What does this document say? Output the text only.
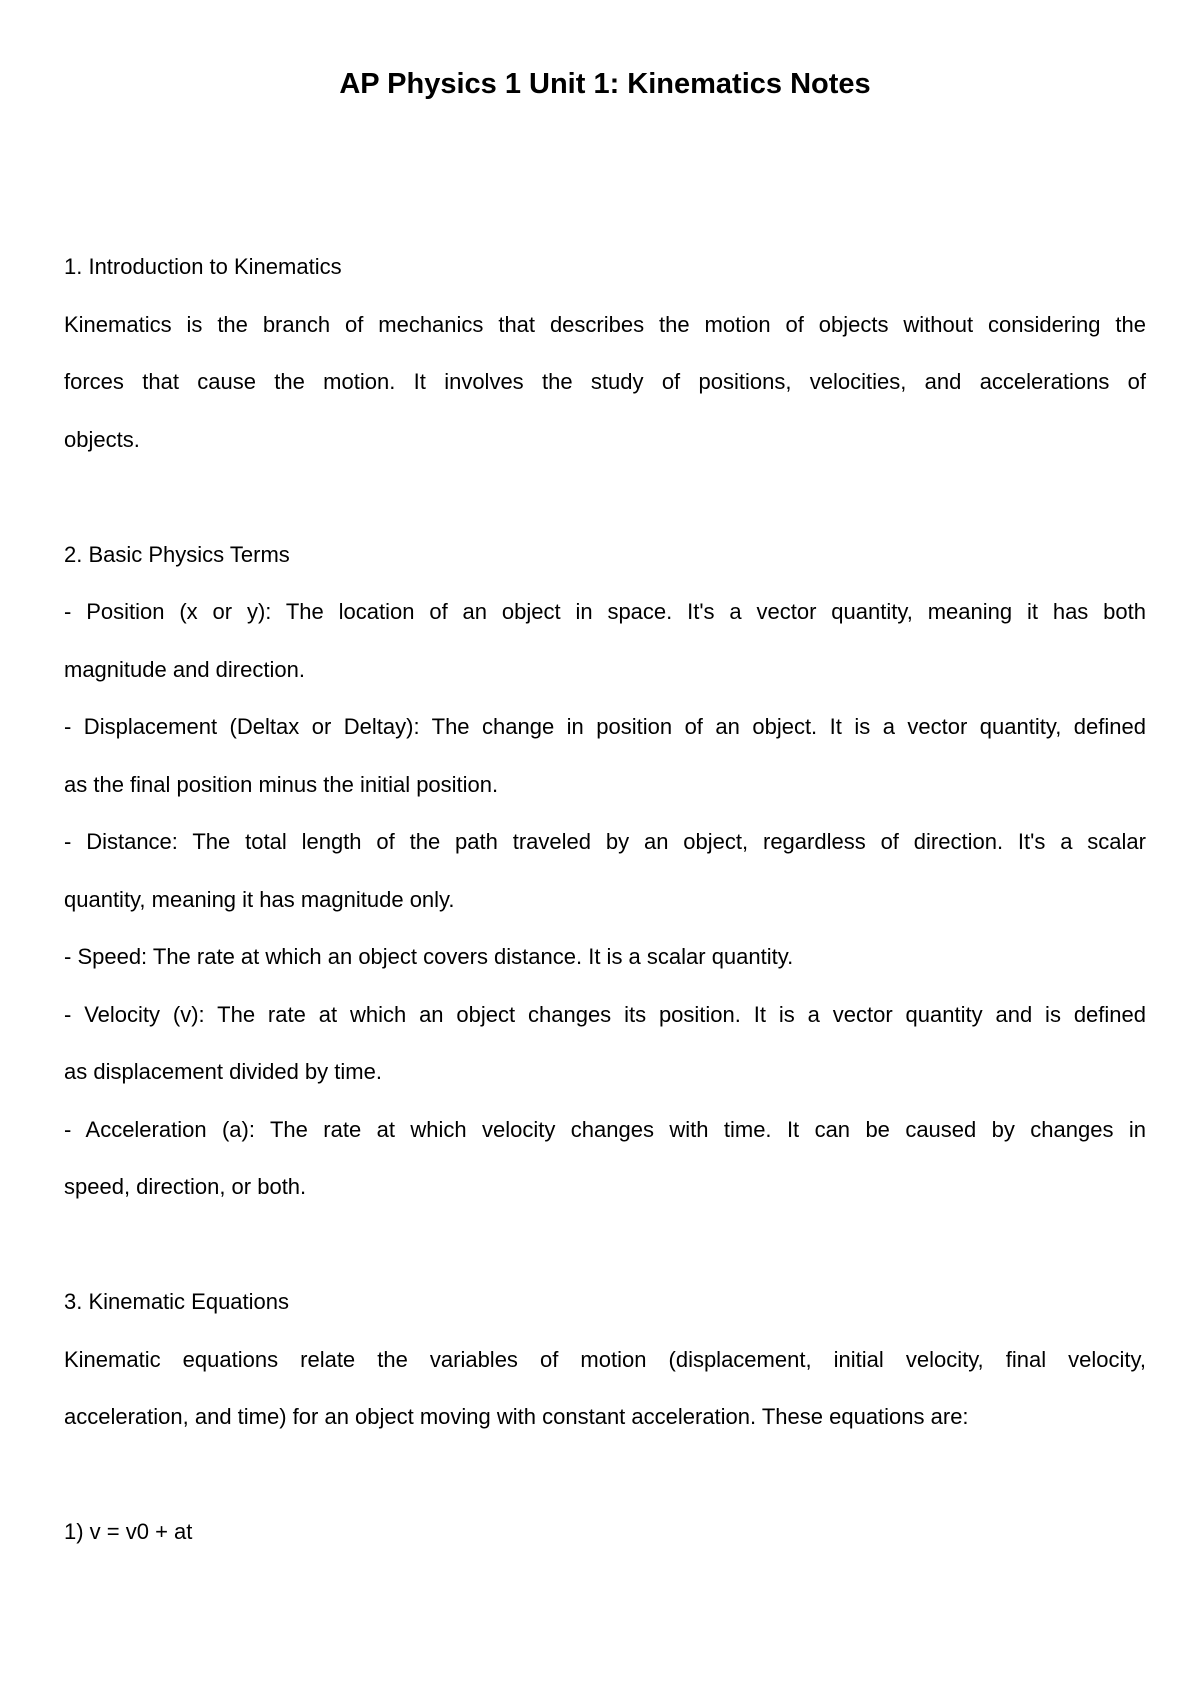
AP Physics 1 Unit 1: Kinematics Notes
1. Introduction to Kinematics
Kinematics is the branch of mechanics that describes the motion of objects without considering the
forces that cause the motion. It involves the study of positions, velocities, and accelerations of
objects.
2. Basic Physics Terms
- Position (x or y): The location of an object in space. It's a vector quantity, meaning it has both
magnitude and direction.
- Displacement (Deltax or Deltay): The change in position of an object. It is a vector quantity, defined
as the final position minus the initial position.
- Distance: The total length of the path traveled by an object, regardless of direction. It's a scalar
quantity, meaning it has magnitude only.
- Speed: The rate at which an object covers distance. It is a scalar quantity.
- Velocity (v): The rate at which an object changes its position. It is a vector quantity and is defined
as displacement divided by time.
- Acceleration (a): The rate at which velocity changes with time. It can be caused by changes in
speed, direction, or both.
3. Kinematic Equations
Kinematic equations relate the variables of motion (displacement, initial velocity, final velocity,
acceleration, and time) for an object moving with constant acceleration. These equations are:
1) v = v0 + at
